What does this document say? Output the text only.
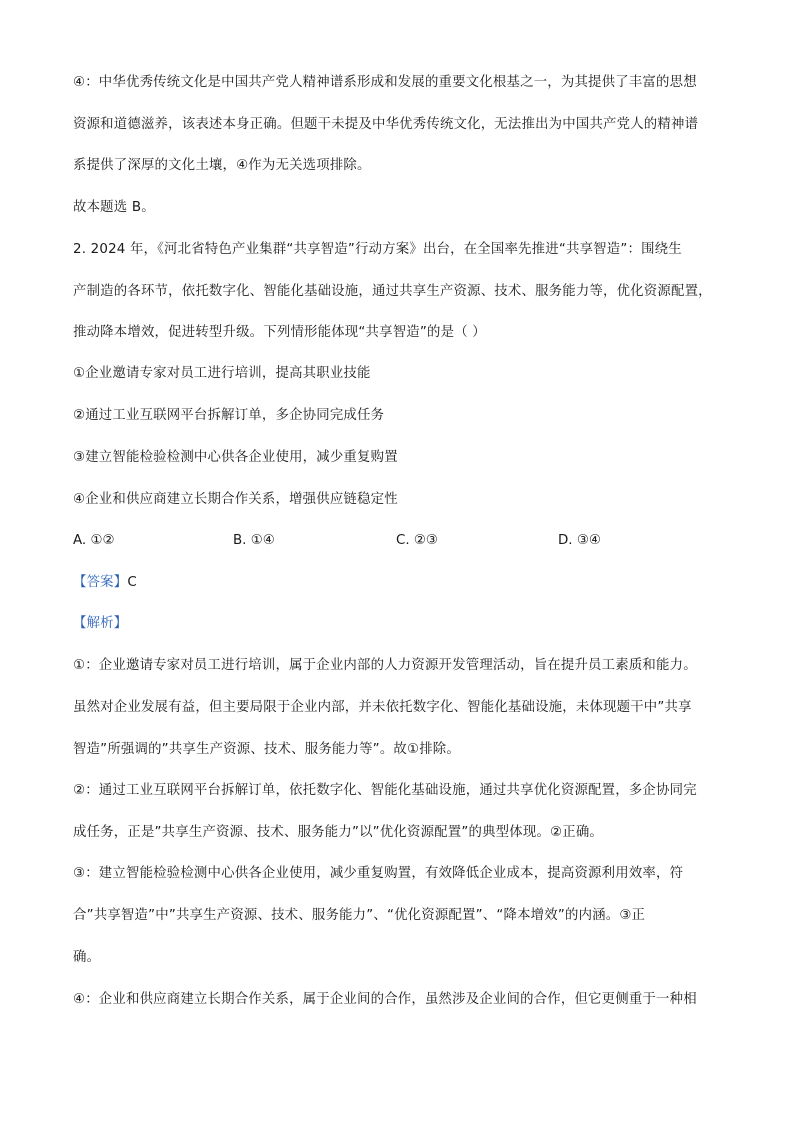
④：中华优秀传统文化是中国共产党人精神谱系形成和发展的重要文化根基之一，为其提供了丰富的思想
资源和道德滋养，该表述本身正确。但题干未提及中华优秀传统文化，无法推出为中国共产党人的精神谱
系提供了深厚的文化土壤，④作为无关选项排除。
故本题选 B。
2. 2024 年，《河北省特色产业集群“共享智造”行动方案》出台，在全国率先推进“共享智造”：围绕生
产制造的各环节，依托数字化、智能化基础设施，通过共享生产资源、技术、服务能力等，优化资源配置，
推动降本增效，促进转型升级。下列情形能体现“共享智造”的是（ ）
①企业邀请专家对员工进行培训，提高其职业技能
②通过工业互联网平台拆解订单，多企协同完成任务
③建立智能检验检测中心供各企业使用，减少重复购置
④企业和供应商建立长期合作关系，增强供应链稳定性
A. ①②	B. ①④	C. ②③	D. ③④
【答案】C
【解析】
①：企业邀请专家对员工进行培训，属于企业内部的人力资源开发管理活动，旨在提升员工素质和能力。
虽然对企业发展有益，但主要局限于企业内部，并未依托数字化、智能化基础设施，未体现题干中”共享
智造”所强调的”共享生产资源、技术、服务能力等”。故①排除。
②：通过工业互联网平台拆解订单，依托数字化、智能化基础设施，通过共享优化资源配置，多企协同完
成任务，正是”共享生产资源、技术、服务能力”以”优化资源配置”的典型体现。②正确。
③：建立智能检验检测中心供各企业使用，减少重复购置，有效降低企业成本，提高资源利用效率，符
合”共享智造”中”共享生产资源、技术、服务能力”、“优化资源配置”、“降本增效”的内涵。③正
确。
④：企业和供应商建立长期合作关系，属于企业间的合作，虽然涉及企业间的合作，但它更侧重于一种相
